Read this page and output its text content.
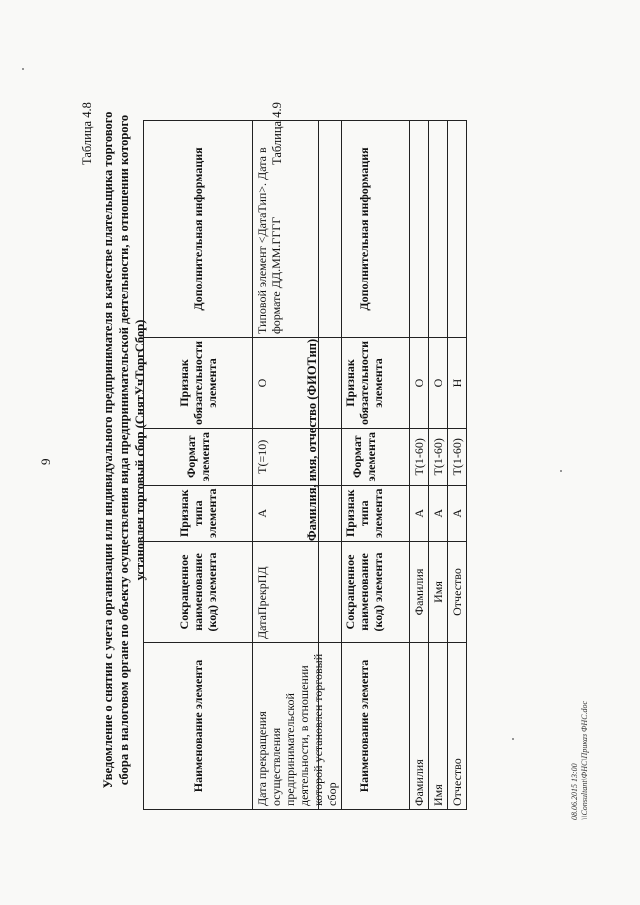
9
Таблица 4.8 Уведомление о снятии с учета организации или индивидуального предпринимателя в качестве плательщика торгового сбора в налоговом органе по объекту осуществления вида предпринимательской деятельности, в отношении которого установлен торговый сбор (СнятУчТоргСбор)
Наименование элемента	Сокращенное наименование (код) элемента	Признак типа элемента	Формат элемента	Признак обязательности элемента	Дополнительная информация
Дата прекращения осуществления предпринимательской деятельности, в отношении которой установлен торговый сбор	ДатаПрекрПД	А	T(=10)	О	Типовой элемент <ДатаТип>. Дата в формате ДД.ММ.ГГГГ
Таблица 4.9
Фамилия, имя, отчество (ФИОТип)
Наименование элемента	Сокращенное наименование (код) элемента	Признак типа элемента	Формат элемента	Признак обязательности элемента	Дополнительная информация
Фамилия	Фамилия	А	T(1-60)	О	
Имя	Имя	А	T(1-60)	О	
Отчество	Отчество	А	T(1-60)	Н	
08.06.2015 13:00 \\Consultant\ФНС\Приказ ФНС.doc
